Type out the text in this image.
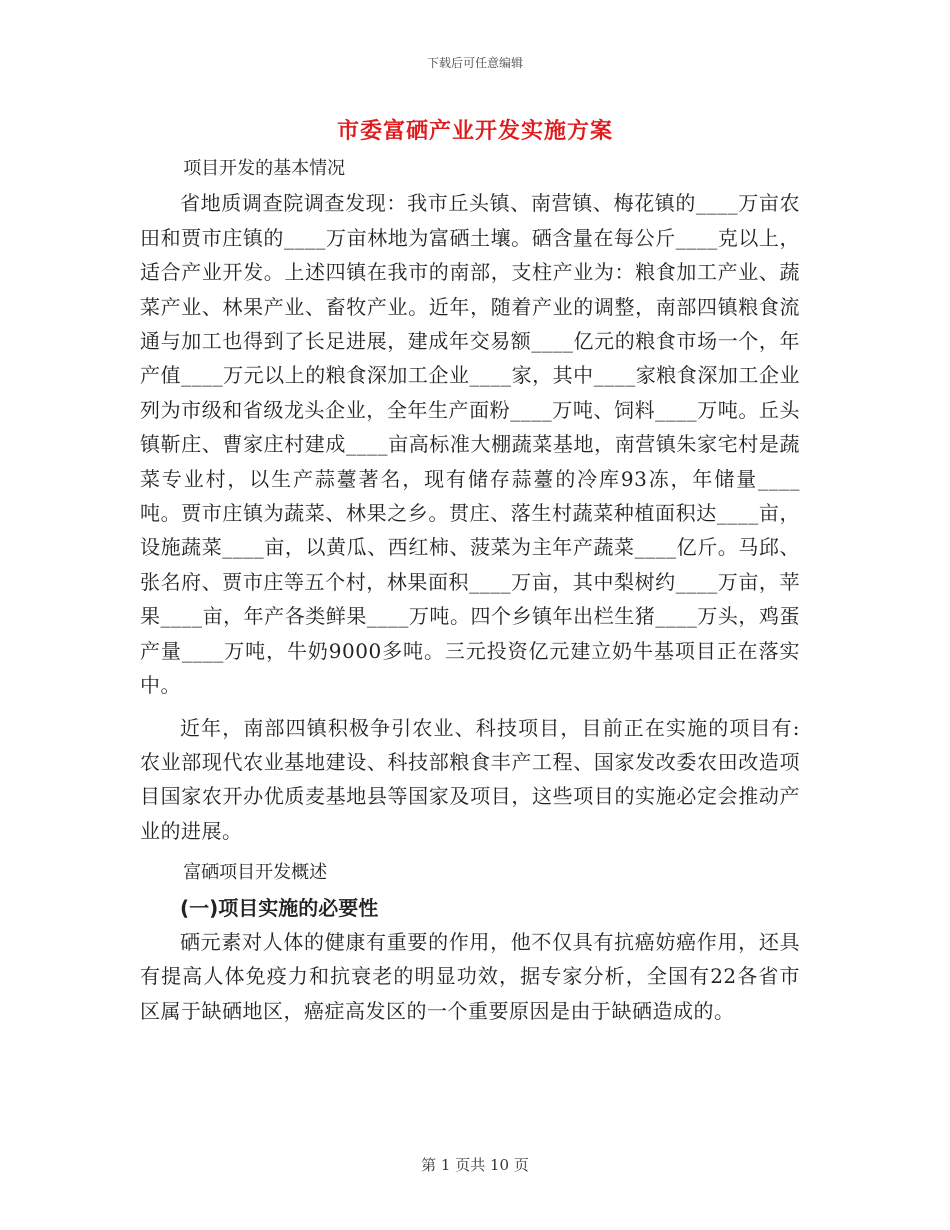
下载后可任意编辑
市委富硒产业开发实施方案

项目开发的基本情况

省地质调查院调查发现：我市丘头镇、南营镇、梅花镇的____万亩农田和贾市庄镇的____万亩林地为富硒土壤。硒含量在每公斤____克以上，适合产业开发。上述四镇在我市的南部，支柱产业为：粮食加工产业、蔬菜产业、林果产业、畜牧产业。近年，随着产业的调整，南部四镇粮食流通与加工也得到了长足进展，建成年交易额____亿元的粮食市场一个，年产值____万元以上的粮食深加工企业____家，其中____家粮食深加工企业列为市级和省级龙头企业，全年生产面粉____万吨、饲料____万吨。丘头镇靳庄、曹家庄村建成____亩高标准大棚蔬菜基地，南营镇朱家宅村是蔬菜专业村，以生产蒜薹著名，现有储存蒜薹的冷库93冻，年储量____吨。贾市庄镇为蔬菜、林果之乡。贯庄、落生村蔬菜种植面积达____亩，设施蔬菜____亩，以黄瓜、西红柿、菠菜为主年产蔬菜____亿斤。马邱、张名府、贾市庄等五个村，林果面积____万亩，其中梨树约____万亩，苹果____亩，年产各类鲜果____万吨。四个乡镇年出栏生猪____万头，鸡蛋产量____万吨，牛奶9000多吨。三元投资亿元建立奶牛基项目正在落实中。

近年，南部四镇积极争引农业、科技项目，目前正在实施的项目有:农业部现代农业基地建设、科技部粮食丰产工程、国家发改委农田改造项目国家农开办优质麦基地县等国家及项目，这些项目的实施必定会推动产业的进展。

富硒项目开发概述

(一)项目实施的必要性

硒元素对人体的健康有重要的作用，他不仅具有抗癌妨癌作用，还具有提高人体免疫力和抗衰老的明显功效，据专家分析，全国有22各省市区属于缺硒地区，癌症高发区的一个重要原因是由于缺硒造成的。

第 1 页共 10 页
